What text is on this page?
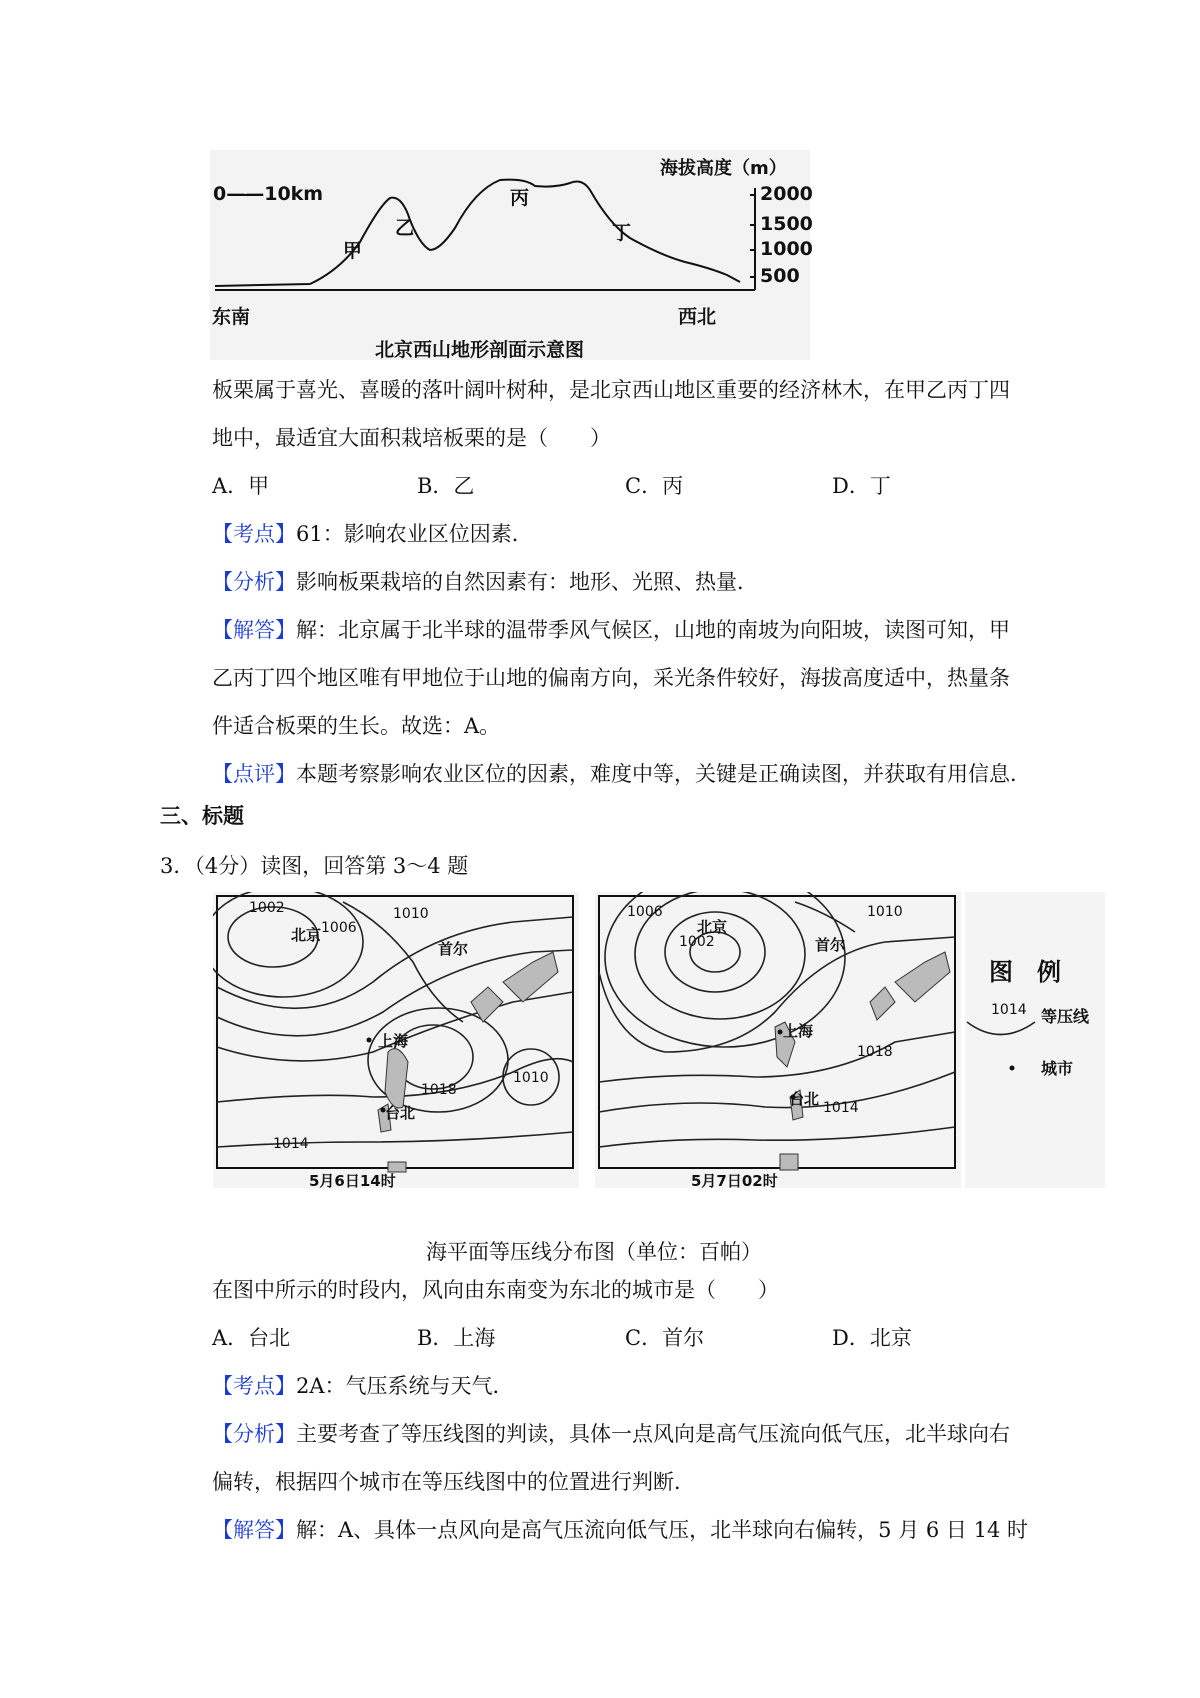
0——10km
海拔高度（m）
2000
1500
1000
500
甲
乙
丙
丁
东南	西北
北京西山地形剖面示意图
板栗属于喜光、喜暖的落叶阔叶树种，是北京西山地区重要的经济林木，在甲乙丙丁四
地中，最适宜大面积栽培板栗的是（　　）
A．甲	B．乙	C．丙	D．丁
【考点】61：影响农业区位因素．
【分析】影响板栗栽培的自然因素有：地形、光照、热量．
【解答】解：北京属于北半球的温带季风气候区，山地的南坡为向阳坡，读图可知，甲
乙丙丁四个地区唯有甲地位于山地的偏南方向，采光条件较好，海拔高度适中，热量条
件适合板栗的生长。故选：A。
【点评】本题考察影响农业区位的因素，难度中等，关键是正确读图，并获取有用信息．
三、标题
3．（4分）读图，回答第 3～4 题
1002
1006
1010
北京
首尔
上海
1018
台北
1010
1014
5月6日14时
1006	1010
北京
1002	首尔
上海
1018
台北 1014
5月7日02时
图　例
1014 等压线
城市
海平面等压线分布图（单位：百帕）
在图中所示的时段内，风向由东南变为东北的城市是（　　）
A．台北	B．上海	C．首尔	D．北京
【考点】2A：气压系统与天气．
【分析】主要考查了等压线图的判读，具体一点风向是高气压流向低气压，北半球向右
偏转，根据四个城市在等压线图中的位置进行判断．
【解答】解：A、具体一点风向是高气压流向低气压，北半球向右偏转，5 月 6 日 14 时
